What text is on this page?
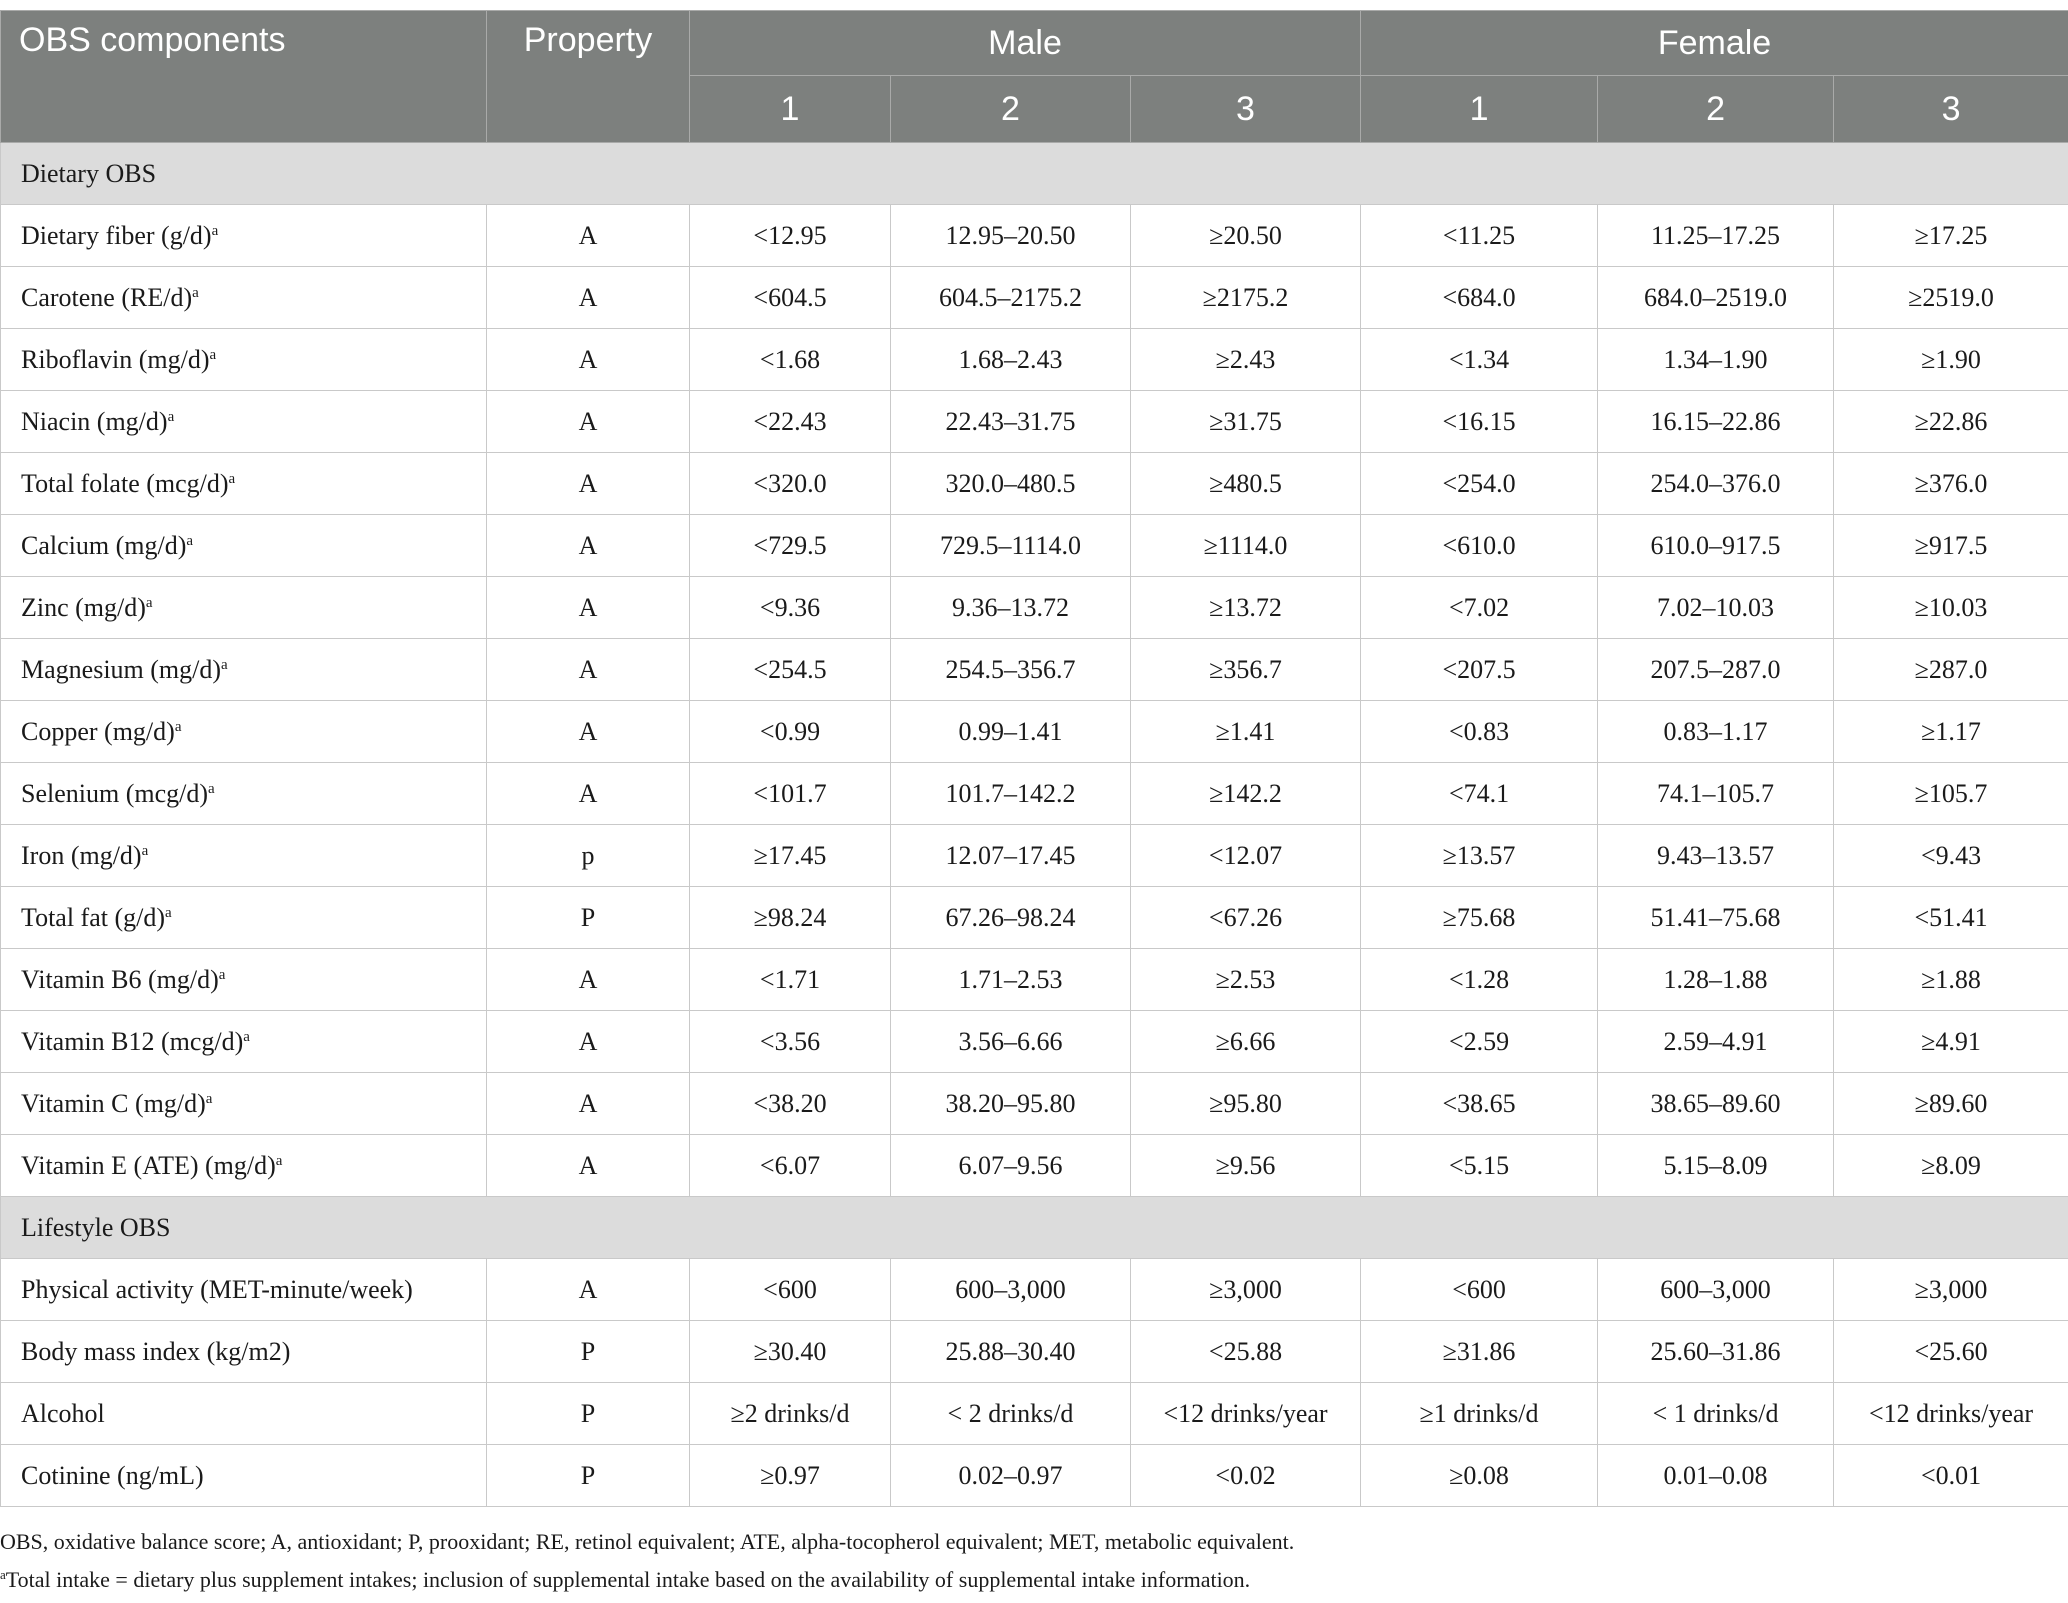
OBS components	Property	Male			Female		
		1	2	3	1	2	3
Dietary OBS							
Dietary fiber $(g/d)^a$	A	<12.95	12.95–20.50	≥20.50	<11.25	11.25–17.25	≥17.25
Carotene $(RE/d)^a$	A	<604.5	604.5–2175.2	≥2175.2	<684.0	684.0–2519.0	≥2519.0
Riboflavin $(mg/d)^a$	A	<1.68	1.68–2.43	≥2.43	<1.34	1.34–1.90	≥1.90
Niacin $(mg/d)^a$	A	<22.43	22.43–31.75	≥31.75	<16.15	16.15–22.86	≥22.86
Total folate $(mcg/d)^a$	A	<320.0	320.0–480.5	≥480.5	<254.0	254.0–376.0	≥376.0
Calcium $(mg/d)^a$	A	<729.5	729.5–1114.0	≥1114.0	<610.0	610.0–917.5	≥917.5
Zinc $(mg/d)^a$	A	<9.36	9.36–13.72	≥13.72	<7.02	7.02–10.03	≥10.03
Magnesium $(mg/d)^a$	A	<254.5	254.5–356.7	≥356.7	<207.5	207.5–287.0	≥287.0
Copper $(mg/d)^a$	A	<0.99	0.99–1.41	≥1.41	<0.83	0.83–1.17	≥1.17
Selenium $(mcg/d)^a$	A	<101.7	101.7–142.2	≥142.2	<74.1	74.1–105.7	≥105.7
Iron $(mg/d)^a$	p	≥17.45	12.07–17.45	<12.07	≥13.57	9.43–13.57	<9.43
Total fat $(g/d)^a$	P	≥98.24	67.26–98.24	<67.26	≥75.68	51.41–75.68	<51.41
Vitamin B6 $(mg/d)^a$	A	<1.71	1.71–2.53	≥2.53	<1.28	1.28–1.88	≥1.88
Vitamin B12 $(mcg/d)^a$	A	<3.56	3.56–6.66	≥6.66	<2.59	2.59–4.91	≥4.91
Vitamin C $(mg/d)^a$	A	<38.20	38.20–95.80	≥95.80	<38.65	38.65–89.60	≥89.60
Vitamin E (ATE) $(mg/d)^a$	A	<6.07	6.07–9.56	≥9.56	<5.15	5.15–8.09	≥8.09
Lifestyle OBS							
Physical activity (MET-minute/week)	A	<600	600–3,000	≥3,000	<600	600–3,000	≥3,000
Body mass index (kg/m2)	P	≥30.40	25.88–30.40	<25.88	≥31.86	25.60–31.86	<25.60
Alcohol	P	≥2 drinks/d	< 2 drinks/d	<12 drinks/year	≥1 drinks/d	< 1 drinks/d	<12 drinks/year
Cotinine (ng/mL)	P	≥0.97	0.02–0.97	<0.02	≥0.08	0.01–0.08	<0.01

OBS, oxidative balance score; A, antioxidant; P, prooxidant; RE, retinol equivalent; ATE, alpha-tocopherol equivalent; MET, metabolic equivalent.

$^a$Total intake = dietary plus supplement intakes; inclusion of supplemental intake based on the availability of supplemental intake information.
